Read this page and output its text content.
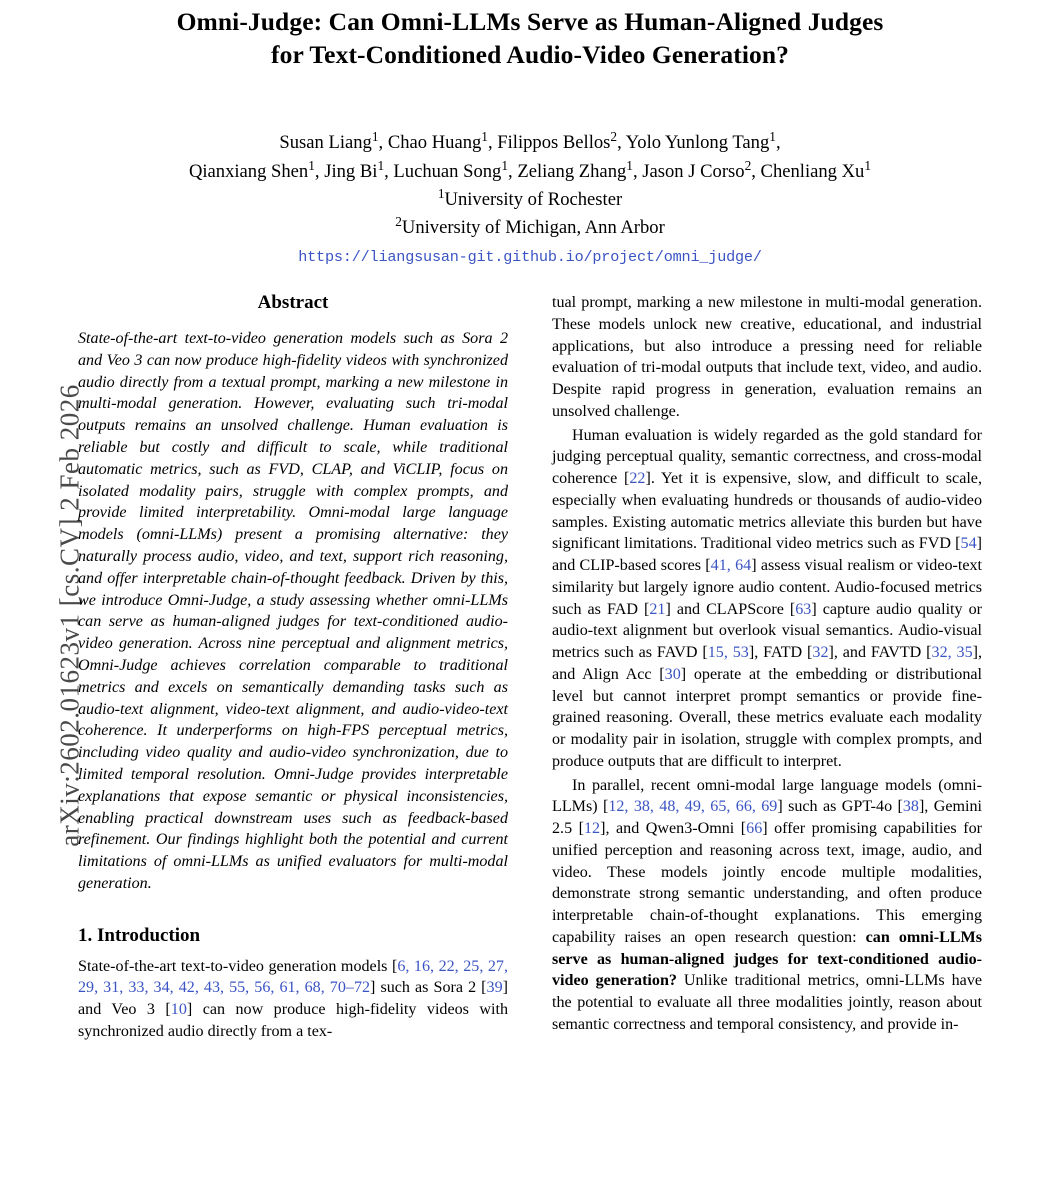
arXiv:2602.01623v1 [cs.CV] 2 Feb 2026
Omni-Judge: Can Omni-LLMs Serve as Human-Aligned Judges
for Text-Conditioned Audio-Video Generation?
Susan Liang$^1$, Chao Huang$^1$, Filippos Bellos$^2$, Yolo Yunlong Tang$^1$,
Qianxiang Shen$^1$, Jing Bi$^1$, Luchuan Song$^1$, Zeliang Zhang$^1$, Jason J Corso$^2$, Chenliang Xu$^1$
$^1$University of Rochester
$^2$University of Michigan, Ann Arbor
https://liangsusan-git.github.io/project/omni_judge/
Abstract
State-of-the-art text-to-video generation models such as Sora 2 and Veo 3 can now produce high-fidelity videos with synchronized audio directly from a textual prompt, marking a new milestone in multi-modal generation. However, evaluating such tri-modal outputs remains an unsolved challenge. Human evaluation is reliable but costly and difficult to scale, while traditional automatic metrics, such as FVD, CLAP, and ViCLIP, focus on isolated modality pairs, struggle with complex prompts, and provide limited interpretability. Omni-modal large language models (omni-LLMs) present a promising alternative: they naturally process audio, video, and text, support rich reasoning, and offer interpretable chain-of-thought feedback. Driven by this, we introduce Omni-Judge, a study assessing whether omni-LLMs can serve as human-aligned judges for text-conditioned audio-video generation. Across nine perceptual and alignment metrics, Omni-Judge achieves correlation comparable to traditional metrics and excels on semantically demanding tasks such as audio-text alignment, video-text alignment, and audio-video-text coherence. It underperforms on high-FPS perceptual metrics, including video quality and audio-video synchronization, due to limited temporal resolution. Omni-Judge provides interpretable explanations that expose semantic or physical inconsistencies, enabling practical downstream uses such as feedback-based refinement. Our findings highlight both the potential and current limitations of omni-LLMs as unified evaluators for multi-modal generation.
1. Introduction

State-of-the-art text-to-video generation models [6, 16, 22, 25, 27, 29, 31, 33, 34, 42, 43, 55, 56, 61, 68, 70–72] such as Sora 2 [39] and Veo 3 [10] can now produce high-fidelity videos with synchronized audio directly from a tex-

tual prompt, marking a new milestone in multi-modal generation. These models unlock new creative, educational, and industrial applications, but also introduce a pressing need for reliable evaluation of tri-modal outputs that include text, video, and audio. Despite rapid progress in generation, evaluation remains an unsolved challenge.

Human evaluation is widely regarded as the gold standard for judging perceptual quality, semantic correctness, and cross-modal coherence [22]. Yet it is expensive, slow, and difficult to scale, especially when evaluating hundreds or thousands of audio-video samples. Existing automatic metrics alleviate this burden but have significant limitations. Traditional video metrics such as FVD [54] and CLIP-based scores [41, 64] assess visual realism or video-text similarity but largely ignore audio content. Audio-focused metrics such as FAD [21] and CLAPScore [63] capture audio quality or audio-text alignment but overlook visual semantics. Audio-visual metrics such as FAVD [15, 53], FATD [32], and FAVTD [32, 35], and Align Acc [30] operate at the embedding or distributional level but cannot interpret prompt semantics or provide fine-grained reasoning. Overall, these metrics evaluate each modality or modality pair in isolation, struggle with complex prompts, and produce outputs that are difficult to interpret.

In parallel, recent omni-modal large language models (omni-LLMs) [12, 38, 48, 49, 65, 66, 69] such as GPT-4o [38], Gemini 2.5 [12], and Qwen3-Omni [66] offer promising capabilities for unified perception and reasoning across text, image, audio, and video. These models jointly encode multiple modalities, demonstrate strong semantic understanding, and often produce interpretable chain-of-thought explanations. This emerging capability raises an open research question: can omni-LLMs serve as human-aligned judges for text-conditioned audio-video generation? Unlike traditional metrics, omni-LLMs have the potential to evaluate all three modalities jointly, reason about semantic correctness and temporal consistency, and provide in-
